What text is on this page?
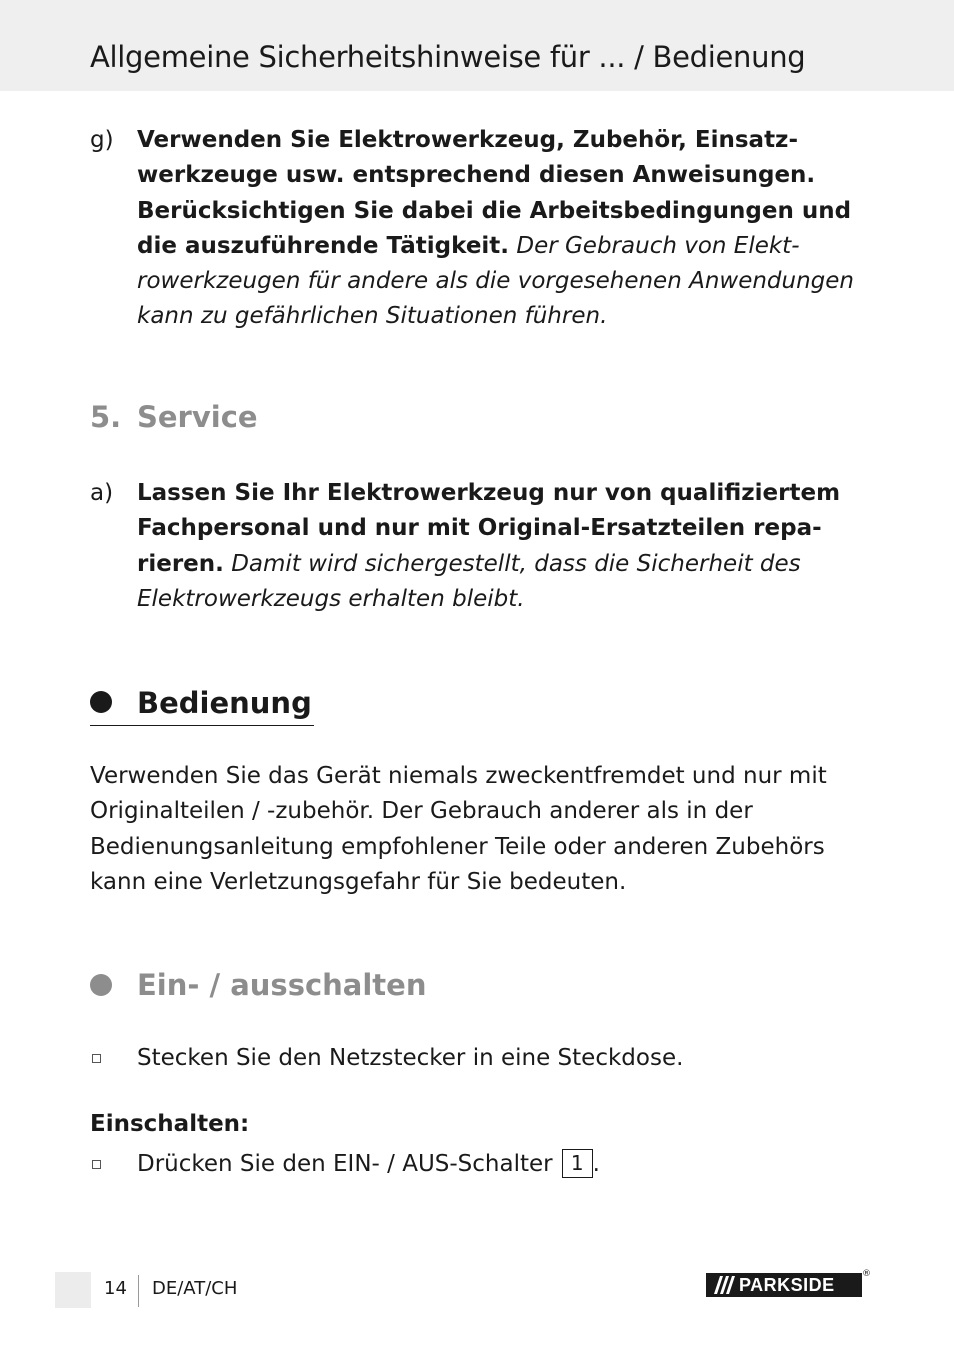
Allgemeine Sicherheitshinweise für ... / Bedienung
g) Verwenden Sie Elektrowerkzeug, Zubehör, Einsatzwerkzeuge usw. entsprechend diesen Anweisungen. Berücksichtigen Sie dabei die Arbeitsbedingungen und die auszuführende Tätigkeit. Der Gebrauch von Elektrowerkzeugen für andere als die vorgesehenen Anwendungen kann zu gefährlichen Situationen führen.
5. Service
a) Lassen Sie Ihr Elektrowerkzeug nur von qualifiziertem Fachpersonal und nur mit Original-Ersatzteilen reparieren. Damit wird sichergestellt, dass die Sicherheit des Elektrowerkzeugs erhalten bleibt.
Bedienung
Verwenden Sie das Gerät niemals zweckentfremdet und nur mit Originalteilen / -zubehör. Der Gebrauch anderer als in der Bedienungsanleitung empfohlener Teile oder anderen Zubehörs kann eine Verletzungsgefahr für Sie bedeuten.
Ein- / ausschalten
Stecken Sie den Netzstecker in eine Steckdose.
Einschalten:
Drücken Sie den EIN- / AUS-Schalter 1 .
14 DE/AT/CH	PARKSIDE
®
